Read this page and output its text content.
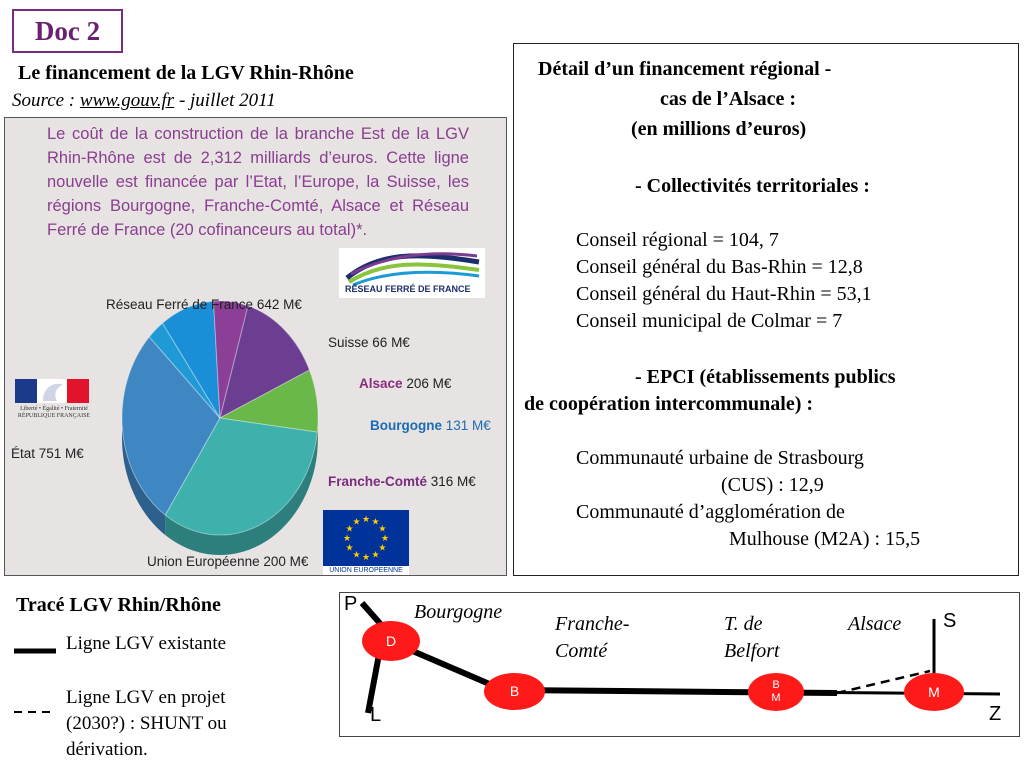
Doc 2
Le financement de la LGV Rhin-Rhône
Source : www.gouv.fr - juillet 2011
Le coût de la construction de la branche Est de la LGV Rhin-Rhône est de 2,312 milliards d’euros. Cette ligne nouvelle est financée par l’Etat, l’Europe, la Suisse, les régions Bourgogne, Franche-Comté, Alsace et Réseau Ferré de France (20 cofinanceurs au total)*.
RÉSEAU FERRÉ DE FRANCE
Liberté • Égalité • Fraternité
RÉPUBLIQUE FRANÇAISE
★ ★
★
★
★
★
★
★
★
★
★
★
UNION EUROPEENNE
Réseau Ferré de France 642 M€
Suisse 66 M€
Alsace 206 M€
Bourgogne 131 M€
Franche-Comté 316 M€
Union Européenne 200 M€
État 751 M€
Détail d’un financement régional -
cas de l’Alsace :
(en millions d’euros)
- Collectivités territoriales :
Conseil régional = 104, 7
Conseil général du Bas-Rhin = 12,8
Conseil général du Haut-Rhin = 53,1
Conseil municipal de Colmar = 7
- EPCI (établissements publics
de coopération intercommunale) :
Communauté urbaine de Strasbourg
(CUS) : 12,9
Communauté d’agglomération de
Mulhouse (M2A) : 15,5
Tracé LGV Rhin/Rhône
Ligne LGV existante
Ligne LGV en projet
(2030?) : SHUNT ou
dérivation.
Bourgogne
Franche-
Comté
T. de
Belfort
Alsace
P
L
S
Z
D
B	B
M	M
